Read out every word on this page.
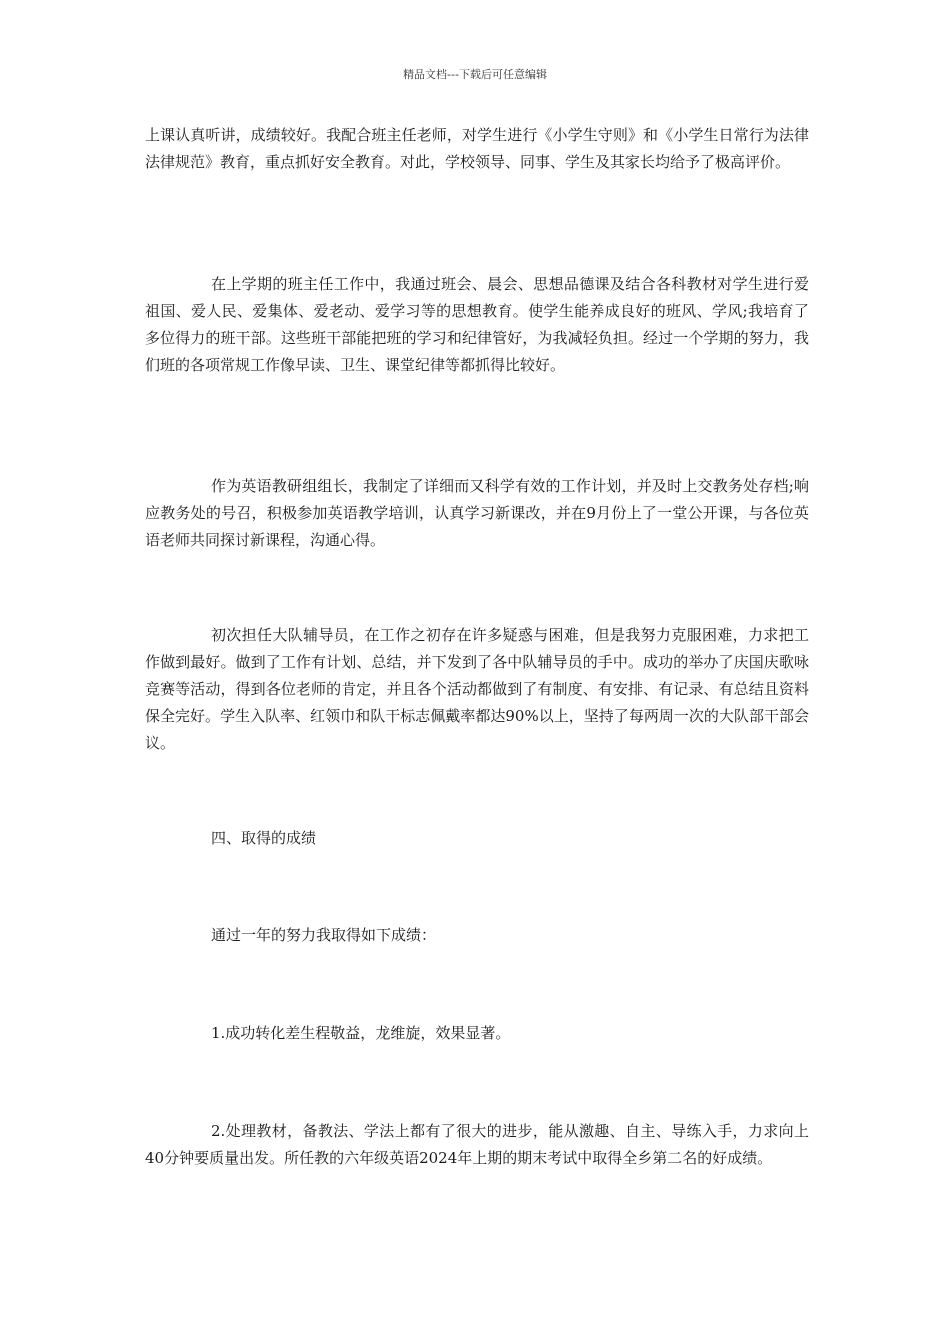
精品文档---下载后可任意编辑

上课认真听讲，成绩较好。我配合班主任老师，对学生进行《小学生守则》和《小学生日常行为法律法律规范》教育，重点抓好安全教育。对此，学校领导、同事、学生及其家长均给予了极高评价。

在上学期的班主任工作中，我通过班会、晨会、思想品德课及结合各科教材对学生进行爱祖国、爱人民、爱集体、爱老动、爱学习等的思想教育。使学生能养成良好的班风、学风;我培育了多位得力的班干部。这些班干部能把班的学习和纪律管好，为我减轻负担。经过一个学期的努力，我们班的各项常规工作像早读、卫生、课堂纪律等都抓得比较好。

作为英语教研组组长，我制定了详细而又科学有效的工作计划，并及时上交教务处存档;响应教务处的号召，积极参加英语教学培训，认真学习新课改，并在9月份上了一堂公开课，与各位英语老师共同探讨新课程，沟通心得。

初次担任大队辅导员，在工作之初存在许多疑惑与困难，但是我努力克服困难，力求把工作做到最好。做到了工作有计划、总结，并下发到了各中队辅导员的手中。成功的举办了庆国庆歌咏竞赛等活动，得到各位老师的肯定，并且各个活动都做到了有制度、有安排、有记录、有总结且资料保全完好。学生入队率、红领巾和队干标志佩戴率都达90%以上，坚持了每两周一次的大队部干部会议。

四、取得的成绩

通过一年的努力我取得如下成绩：

1.成功转化差生程敬益，龙维旋，效果显著。

2.处理教材，备教法、学法上都有了很大的进步，能从激趣、自主、导练入手，力求向上40分钟要质量出发。所任教的六年级英语2024年上期的期末考试中取得全乡第二名的好成绩。
